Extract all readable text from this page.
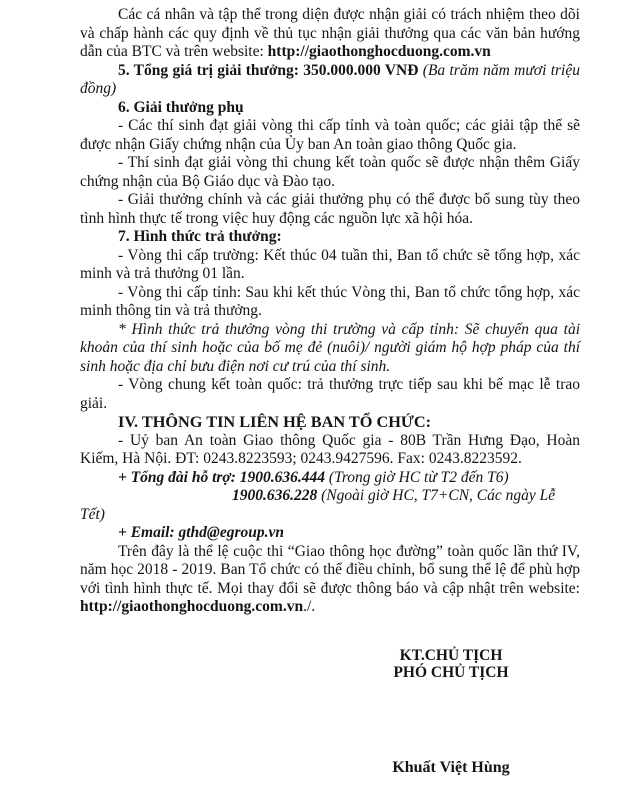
Các cá nhân và tập thể trong diện được nhận giải có trách nhiệm theo dõi và chấp hành các quy định về thủ tục nhận giải thưởng qua các văn bản hướng dẫn của BTC và trên website: http://giaothonghocduong.com.vn

5. Tổng giá trị giải thưởng: 350.000.000 VNĐ (Ba trăm năm mươi triệu đồng)

6. Giải thưởng phụ

- Các thí sinh đạt giải vòng thi cấp tỉnh và toàn quốc; các giải tập thể sẽ được nhận Giấy chứng nhận của Ủy ban An toàn giao thông Quốc gia.

- Thí sinh đạt giải vòng thi chung kết toàn quốc sẽ được nhận thêm Giấy chứng nhận của Bộ Giáo dục và Đào tạo.

- Giải thưởng chính và các giải thưởng phụ có thể được bổ sung tùy theo tình hình thực tế trong việc huy động các nguồn lực xã hội hóa.

7. Hình thức trả thưởng:

- Vòng thi cấp trường: Kết thúc 04 tuần thi, Ban tổ chức sẽ tổng hợp, xác minh và trả thưởng 01 lần.

- Vòng thi cấp tỉnh: Sau khi kết thúc Vòng thi, Ban tổ chức tổng hợp, xác minh thông tin và trả thưởng.

* Hình thức trả thưởng vòng thi trường và cấp tỉnh: Sẽ chuyển qua tài khoản của thí sinh hoặc của bố mẹ đẻ (nuôi)/ người giám hộ hợp pháp của thí sinh hoặc địa chỉ bưu điện nơi cư trú của thí sinh.

- Vòng chung kết toàn quốc: trả thưởng trực tiếp sau khi bế mạc lễ trao giải.

IV. THÔNG TIN LIÊN HỆ BAN TỔ CHỨC:

- Uỷ ban An toàn Giao thông Quốc gia - 80B Trần Hưng Đạo, Hoàn Kiếm, Hà Nội. ĐT: 0243.8223593; 0243.9427596. Fax: 0243.8223592.

+ Tổng đài hỗ trợ: 1900.636.444 (Trong giờ HC từ T2 đến T6)

1900.636.228 (Ngoài giờ HC, T7+CN, Các ngày Lễ Tết)

+ Email: gthd@egroup.vn

Trên đây là thể lệ cuộc thi “Giao thông học đường” toàn quốc lần thứ IV, năm học 2018 - 2019. Ban Tổ chức có thể điều chỉnh, bổ sung thể lệ để phù hợp với tình hình thực tế. Mọi thay đổi sẽ được thông báo và cập nhật trên website: http://giaothonghocduong.com.vn./.

KT.CHỦ TỊCH
PHÓ CHỦ TỊCH
Khuất Việt Hùng
